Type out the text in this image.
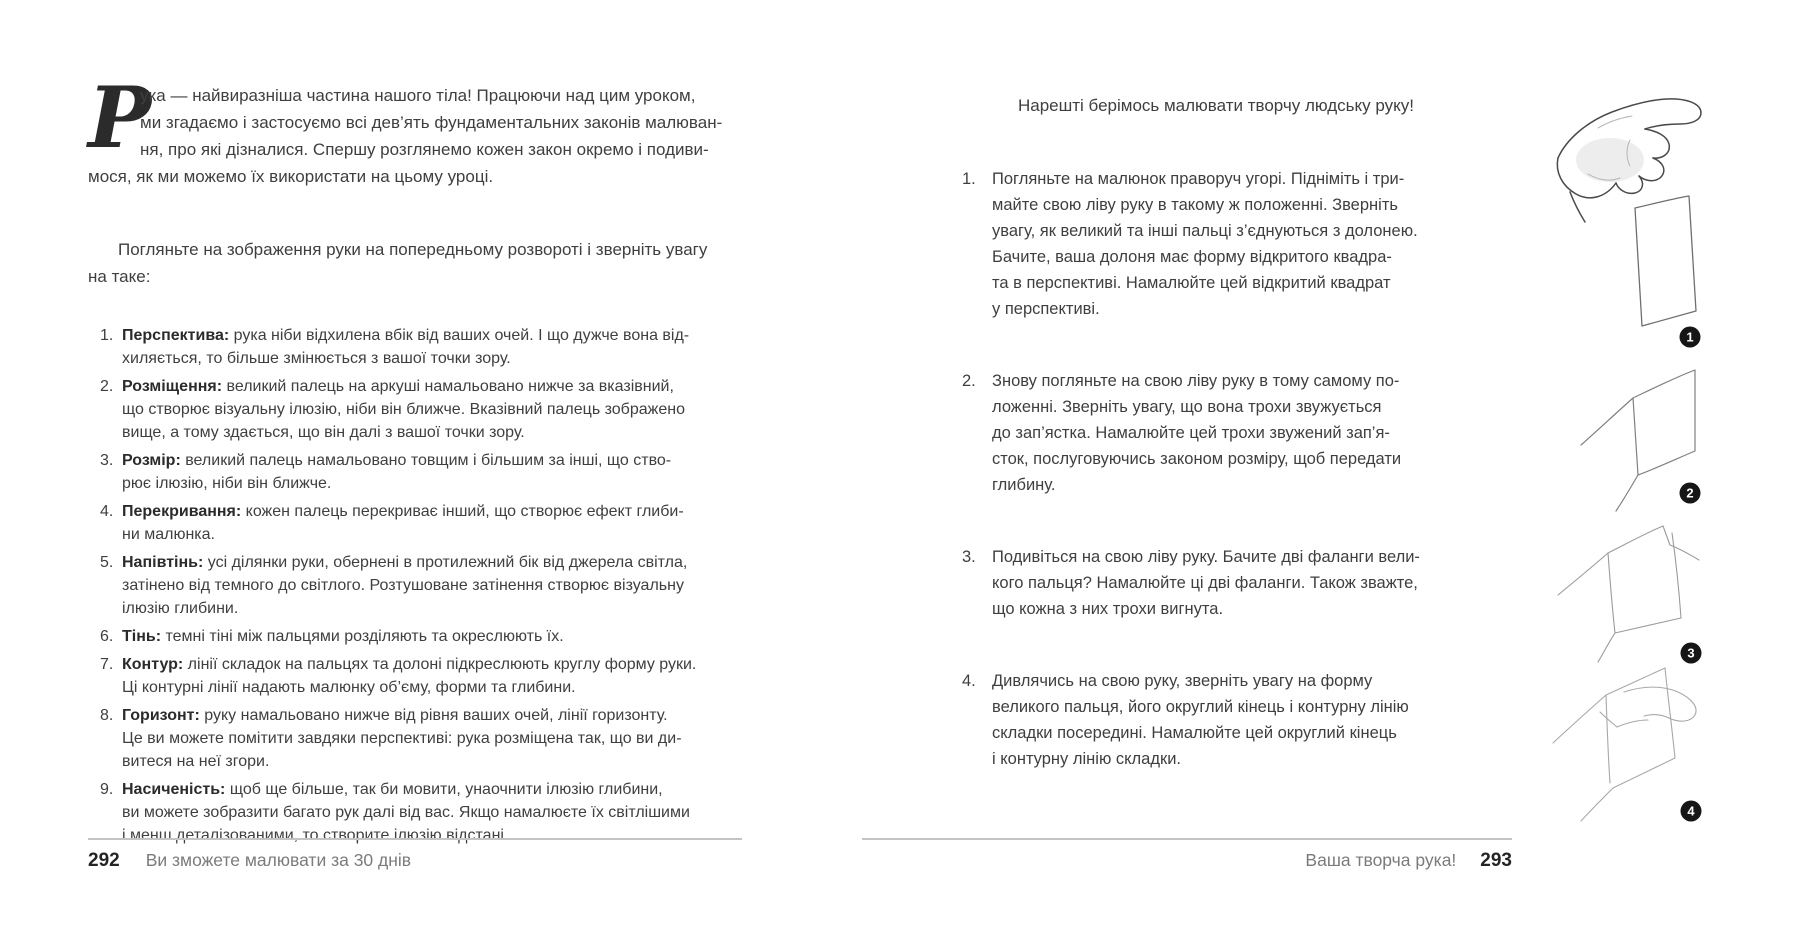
Р
ука — найвиразніша частина нашого тіла! Працюючи над цим уроком,
ми згадаємо і застосуємо всі дев’ять фундаментальних законів малюван-
ня, про які дізналися. Спершу розглянемо кожен закон окремо і подиви-
мося, як ми можемо їх використати на цьому уроці.
Погляньте на зображення руки на попередньому розвороті і зверніть увагу
на таке:
1. Перспектива: рука ніби відхилена вбік від ваших очей. І що дужче вона від-
хиляється, то більше змінюється з вашої точки зору.
2. Розміщення: великий палець на аркуші намальовано нижче за вказівний,
що створює візуальну ілюзію, ніби він ближче. Вказівний палець зображено
вище, а тому здається, що він далі з вашої точки зору.
3. Розмір: великий палець намальовано товщим і більшим за інші, що ство-
рює ілюзію, ніби він ближче.
4. Перекривання: кожен палець перекриває інший, що створює ефект глиби-
ни малюнка.
5. Напівтінь: усі ділянки руки, обернені в протилежний бік від джерела світла,
затінено від темного до світлого. Розтушоване затінення створює візуальну
ілюзію глибини.
6. Тінь: темні тіні між пальцями розділяють та окреслюють їх.
7. Контур: лінії складок на пальцях та долоні підкреслюють круглу форму руки.
Ці контурні лінії надають малюнку об’єму, форми та глибини.
8. Горизонт: руку намальовано нижче від рівня ваших очей, лінії горизонту.
Це ви можете помітити завдяки перспективі: рука розміщена так, що ви ди-
витеся на неї згори.
9. Насиченість: щоб ще більше, так би мовити, унаочнити ілюзію глибини,
ви можете зобразити багато рук далі від вас. Якщо намалюєте їх світлішими
і менш деталізованими, то створите ілюзію відстані.
Нарешті берімось малювати творчу людську руку!
1. Погляньте на малюнок праворуч угорі. Підніміть і три-
майте свою ліву руку в такому ж положенні. Зверніть
увагу, як великий та інші пальці з’єднуються з долонею.
Бачите, ваша долоня має форму відкритого квадра-
та в перспективі. Намалюйте цей відкритий квадрат
у перспективі.
2. Знову погляньте на свою ліву руку в тому самому по-
ложенні. Зверніть увагу, що вона трохи звужується
до зап’ястка. Намалюйте цей трохи звужений зап’я-
сток, послуговуючись законом розміру, щоб передати
глибину.
3. Подивіться на свою ліву руку. Бачите дві фаланги вели-
кого пальця? Намалюйте ці дві фаланги. Також зважте,
що кожна з них трохи вигнута.
4. Дивлячись на свою руку, зверніть увагу на форму
великого пальця, його округлий кінець і контурну лінію
складки посередині. Намалюйте цей округлий кінець
і контурну лінію складки.
1
2
3
4
292 Ви зможете малювати за 30 днів	Ваша творча рука! 293
